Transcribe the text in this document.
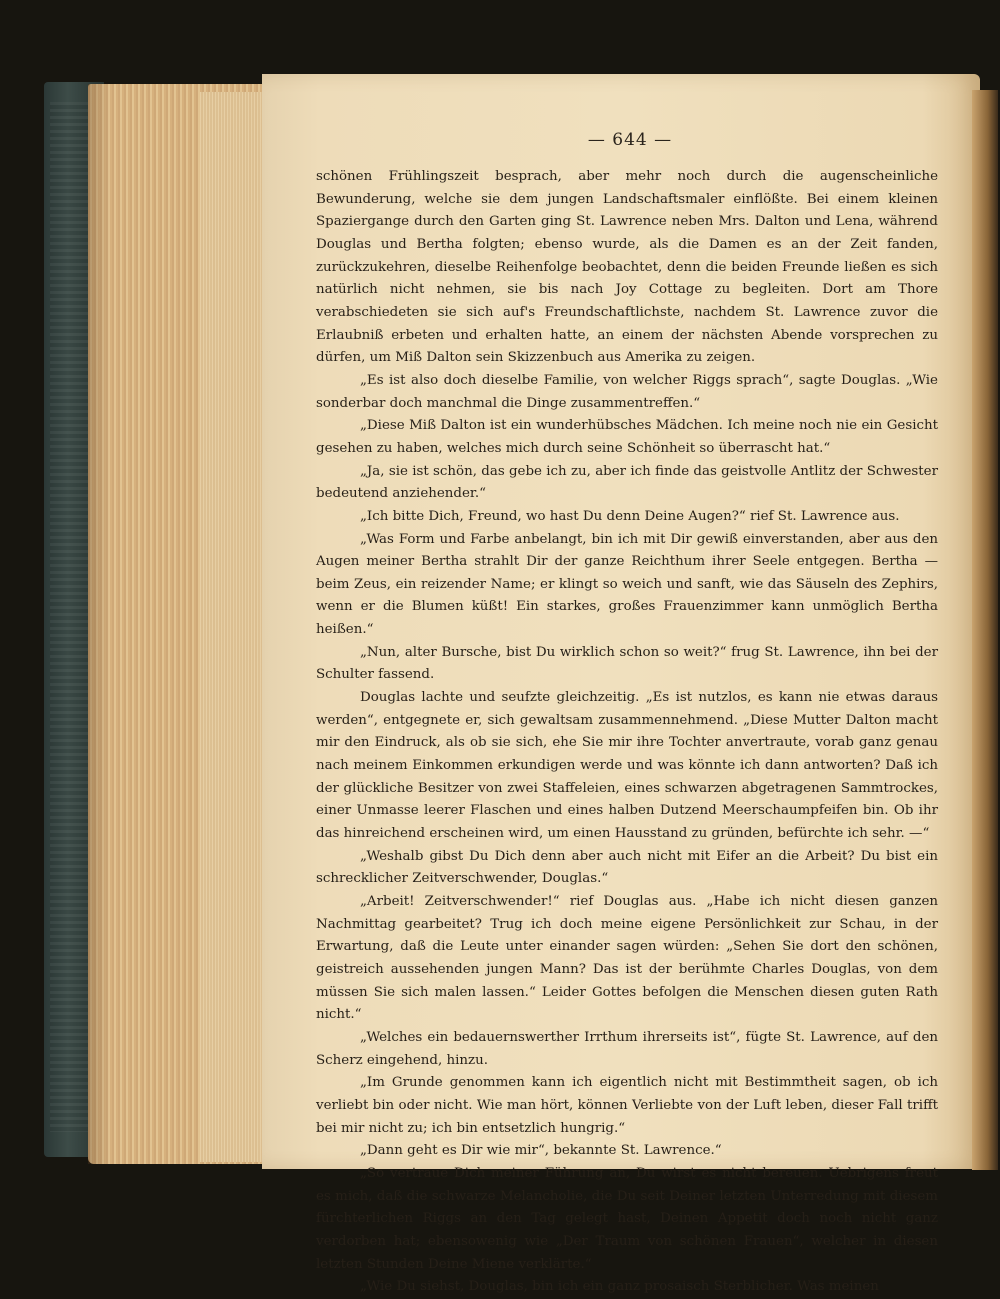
— 644 —

schönen Frühlingszeit besprach, aber mehr noch durch die augenscheinliche Bewunderung, welche sie dem jungen Landschaftsmaler einflößte. Bei einem kleinen Spaziergange durch den Garten ging St. Lawrence neben Mrs. Dalton und Lena, während Douglas und Bertha folgten; ebenso wurde, als die Damen es an der Zeit fanden, zurückzukehren, dieselbe Reihenfolge beobachtet, denn die beiden Freunde ließen es sich natürlich nicht nehmen, sie bis nach Joy Cottage zu begleiten. Dort am Thore verabschiedeten sie sich auf's Freundschaftlichste, nachdem St. Lawrence zuvor die Erlaubniß erbeten und erhalten hatte, an einem der nächsten Abende vorsprechen zu dürfen, um Miß Dalton sein Skizzenbuch aus Amerika zu zeigen.

„Es ist also doch dieselbe Familie, von welcher Riggs sprach“, sagte Douglas. „Wie sonderbar doch manchmal die Dinge zusammentreffen.“

„Diese Miß Dalton ist ein wunderhübsches Mädchen. Ich meine noch nie ein Gesicht gesehen zu haben, welches mich durch seine Schönheit so überrascht hat.“

„Ja, sie ist schön, das gebe ich zu, aber ich finde das geistvolle Antlitz der Schwester bedeutend anziehender.“

„Ich bitte Dich, Freund, wo hast Du denn Deine Augen?“ rief St. Lawrence aus.

„Was Form und Farbe anbelangt, bin ich mit Dir gewiß einverstanden, aber aus den Augen meiner Bertha strahlt Dir der ganze Reichthum ihrer Seele entgegen. Bertha — beim Zeus, ein reizender Name; er klingt so weich und sanft, wie das Säuseln des Zephirs, wenn er die Blumen küßt! Ein starkes, großes Frauenzimmer kann unmöglich Bertha heißen.“

„Nun, alter Bursche, bist Du wirklich schon so weit?“ frug St. Lawrence, ihn bei der Schulter fassend.

Douglas lachte und seufzte gleichzeitig. „Es ist nutzlos, es kann nie etwas daraus werden“, entgegnete er, sich gewaltsam zusammennehmend. „Diese Mutter Dalton macht mir den Eindruck, als ob sie sich, ehe Sie mir ihre Tochter anvertraute, vorab ganz genau nach meinem Einkommen erkundigen werde und was könnte ich dann antworten? Daß ich der glückliche Besitzer von zwei Staffeleien, eines schwarzen abgetragenen Sammtrockes, einer Unmasse leerer Flaschen und eines halben Dutzend Meerschaumpfeifen bin. Ob ihr das hinreichend erscheinen wird, um einen Hausstand zu gründen, befürchte ich sehr. —“

„Weshalb gibst Du Dich denn aber auch nicht mit Eifer an die Arbeit? Du bist ein schrecklicher Zeitverschwender, Douglas.“

„Arbeit! Zeitverschwender!“ rief Douglas aus. „Habe ich nicht diesen ganzen Nachmittag gearbeitet? Trug ich doch meine eigene Persönlichkeit zur Schau, in der Erwartung, daß die Leute unter einander sagen würden: „Sehen Sie dort den schönen, geistreich aussehenden jungen Mann? Das ist der berühmte Charles Douglas, von dem müssen Sie sich malen lassen.“ Leider Gottes befolgen die Menschen diesen guten Rath nicht.“

„Welches ein bedauernswerther Irrthum ihrerseits ist“, fügte St. Lawrence, auf den Scherz eingehend, hinzu.

„Im Grunde genommen kann ich eigentlich nicht mit Bestimmtheit sagen, ob ich verliebt bin oder nicht. Wie man hört, können Verliebte von der Luft leben, dieser Fall trifft bei mir nicht zu; ich bin entsetzlich hungrig.“

„Dann geht es Dir wie mir“, bekannte St. Lawrence.“

„So vertraue Dich meiner Führung an, Du wirst es nicht bereuen. Uebrigens freut es mich, daß die schwarze Melancholie, die Du seit Deiner letzten Unterredung mit diesem fürchterlichen Riggs an den Tag gelegt hast, Deinen Appetit doch noch nicht ganz verdorben hat; ebensowenig wie „Der Traum von schönen Frauen“, welcher in diesen letzten Stunden Deine Miene verklärte.“

„Wie Du siehst, Douglas, bin ich ein ganz prosaisch Sterblicher. Was meinen
